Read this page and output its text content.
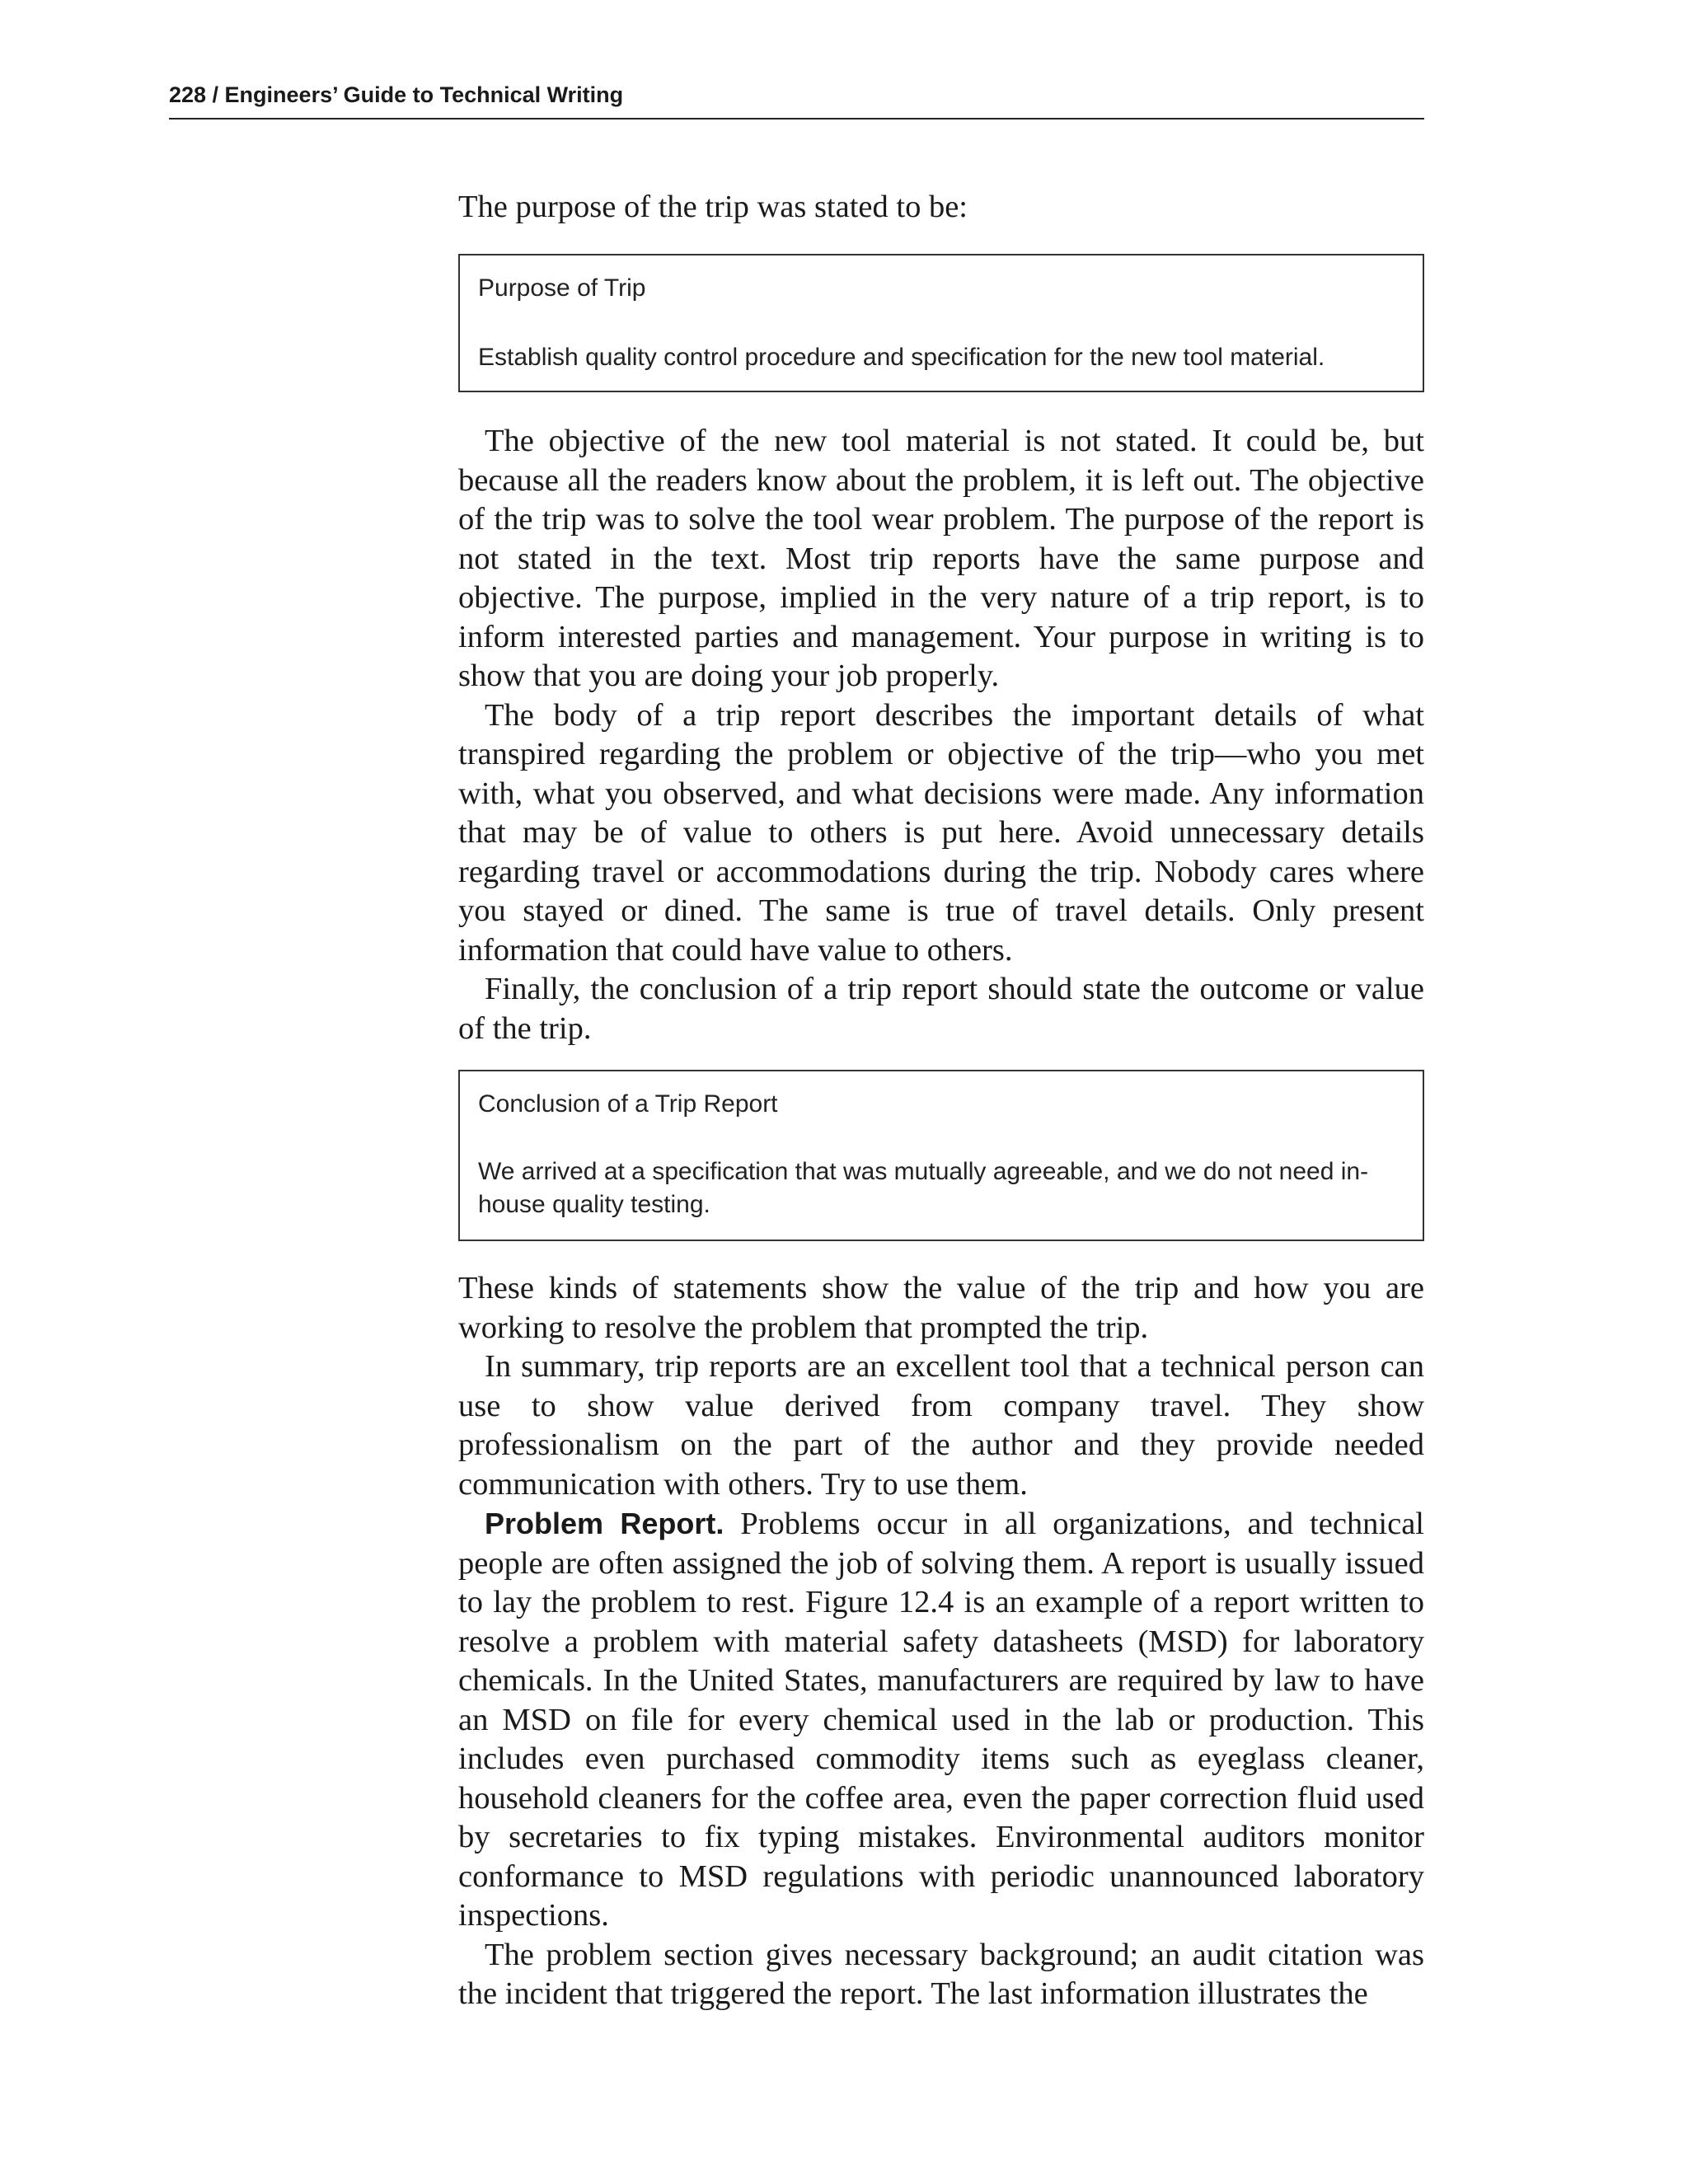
228 / Engineers’ Guide to Technical Writing
The purpose of the trip was stated to be:

Purpose of Trip

Establish quality control procedure and specification for the new tool material.

The objective of the new tool material is not stated. It could be, but because all the readers know about the problem, it is left out. The objective of the trip was to solve the tool wear problem. The purpose of the report is not stated in the text. Most trip reports have the same purpose and objective. The purpose, implied in the very nature of a trip report, is to inform interested parties and management. Your purpose in writing is to show that you are doing your job properly.

The body of a trip report describes the important details of what transpired regarding the problem or objective of the trip—who you met with, what you observed, and what decisions were made. Any information that may be of value to others is put here. Avoid unnecessary details regarding travel or accommodations during the trip. Nobody cares where you stayed or dined. The same is true of travel details. Only present information that could have value to others.

Finally, the conclusion of a trip report should state the outcome or value of the trip.

Conclusion of a Trip Report

We arrived at a specification that was mutually agreeable, and we do not need in-house quality testing.

These kinds of statements show the value of the trip and how you are working to resolve the problem that prompted the trip.

In summary, trip reports are an excellent tool that a technical person can use to show value derived from company travel. They show professionalism on the part of the author and they provide needed communication with others. Try to use them.

Problem Report. Problems occur in all organizations, and technical people are often assigned the job of solving them. A report is usually issued to lay the problem to rest. Figure 12.4 is an example of a report written to resolve a problem with material safety datasheets (MSD) for laboratory chemicals. In the United States, manufacturers are required by law to have an MSD on file for every chemical used in the lab or production. This includes even purchased commodity items such as eyeglass cleaner, household cleaners for the coffee area, even the paper correction fluid used by secretaries to fix typing mistakes. Environmental auditors monitor conformance to MSD regulations with periodic unannounced laboratory inspections.

The problem section gives necessary background; an audit citation was the incident that triggered the report. The last information illustrates the
